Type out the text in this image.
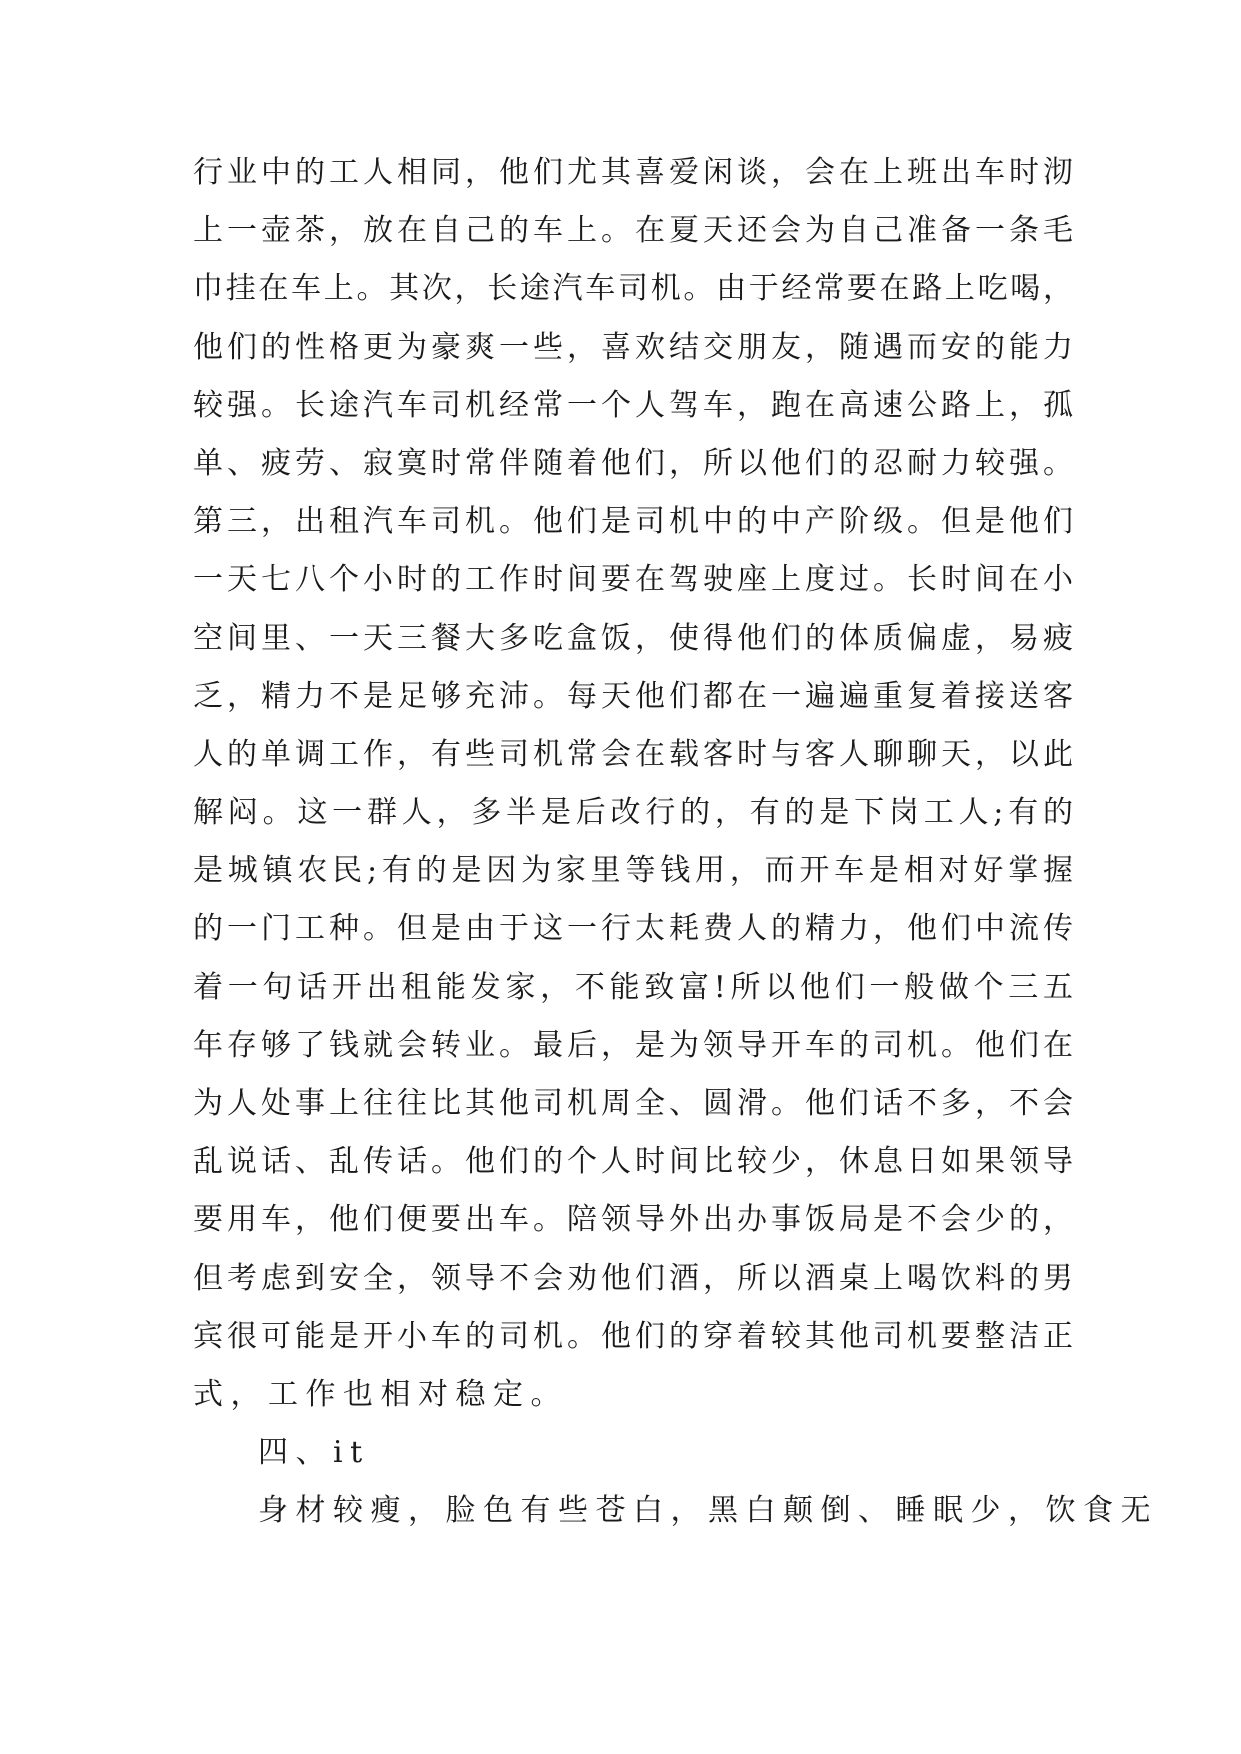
行业中的工人相同，他们尤其喜爱闲谈，会在上班出车时沏
上一壶茶，放在自己的车上。在夏天还会为自己准备一条毛
巾挂在车上。其次，长途汽车司机。由于经常要在路上吃喝，
他们的性格更为豪爽一些，喜欢结交朋友，随遇而安的能力
较强。长途汽车司机经常一个人驾车，跑在高速公路上，孤
单、疲劳、寂寞时常伴随着他们，所以他们的忍耐力较强。
第三，出租汽车司机。他们是司机中的中产阶级。但是他们
一天七八个小时的工作时间要在驾驶座上度过。长时间在小
空间里、一天三餐大多吃盒饭，使得他们的体质偏虚，易疲
乏，精力不是足够充沛。每天他们都在一遍遍重复着接送客
人的单调工作，有些司机常会在载客时与客人聊聊天，以此
解闷。这一群人，多半是后改行的，有的是下岗工人;有的
是城镇农民;有的是因为家里等钱用，而开车是相对好掌握
的一门工种。但是由于这一行太耗费人的精力，他们中流传
着一句话开出租能发家，不能致富!所以他们一般做个三五
年存够了钱就会转业。最后，是为领导开车的司机。他们在
为人处事上往往比其他司机周全、圆滑。他们话不多，不会
乱说话、乱传话。他们的个人时间比较少，休息日如果领导
要用车，他们便要出车。陪领导外出办事饭局是不会少的，
但考虑到安全，领导不会劝他们酒，所以酒桌上喝饮料的男
宾很可能是开小车的司机。他们的穿着较其他司机要整洁正
式，工作也相对稳定。
四、it
身材较瘦，脸色有些苍白，黑白颠倒、睡眠少，饮食无
